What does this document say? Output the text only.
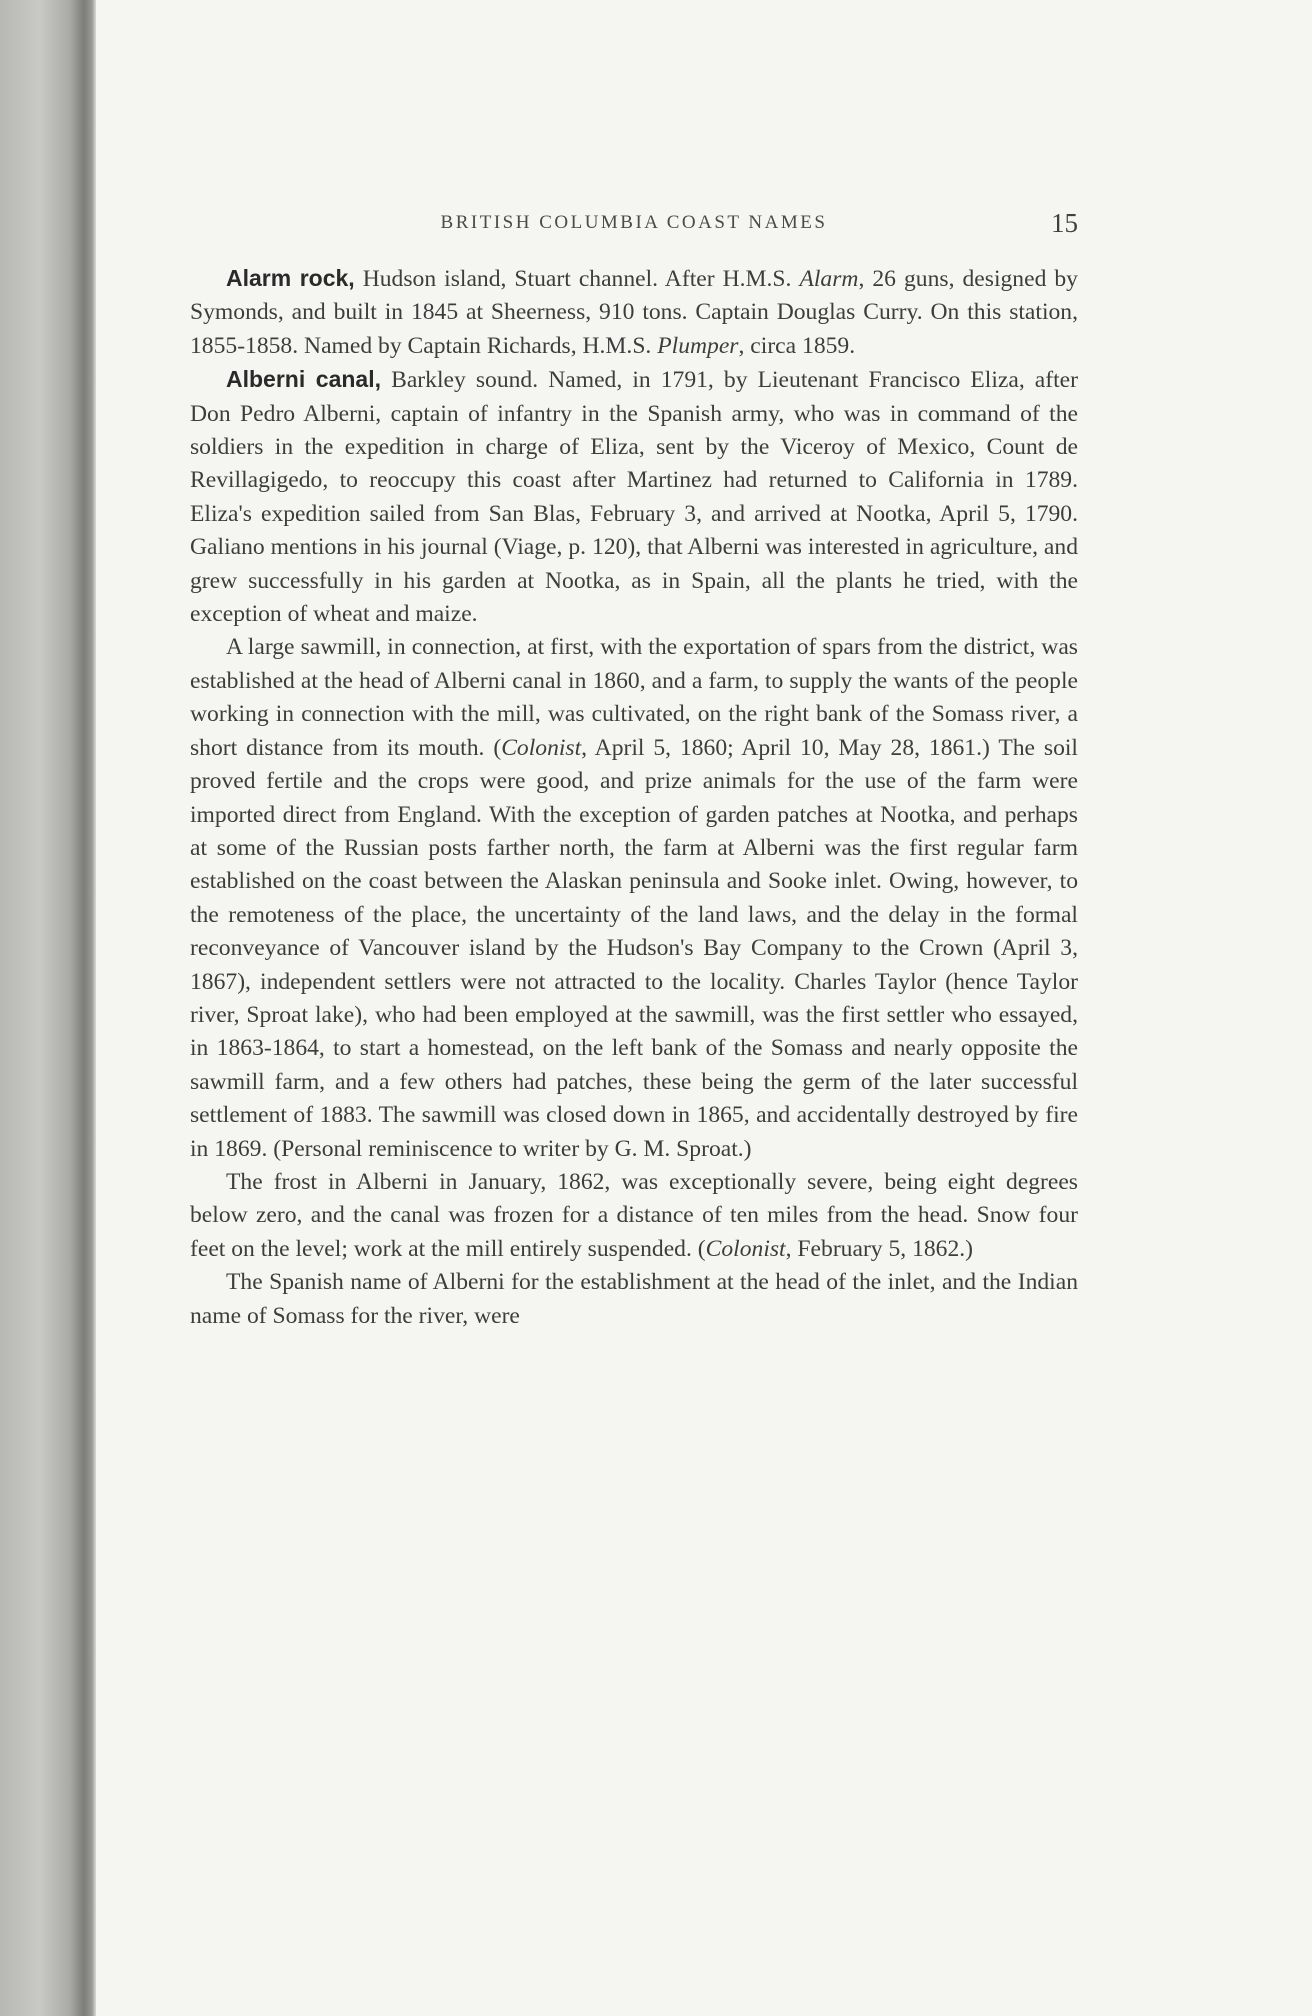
BRITISH COLUMBIA COAST NAMES	15

Alarm rock, Hudson island, Stuart channel. After H.M.S. Alarm, 26 guns, designed by Symonds, and built in 1845 at Sheerness, 910 tons. Captain Douglas Curry. On this station, 1855-1858. Named by Captain Richards, H.M.S. Plumper, circa 1859.

Alberni canal, Barkley sound. Named, in 1791, by Lieutenant Francisco Eliza, after Don Pedro Alberni, captain of infantry in the Spanish army, who was in command of the soldiers in the expedition in charge of Eliza, sent by the Viceroy of Mexico, Count de Revillagigedo, to reoccupy this coast after Martinez had returned to California in 1789. Eliza's expedition sailed from San Blas, February 3, and arrived at Nootka, April 5, 1790. Galiano mentions in his journal (Viage, p. 120), that Alberni was interested in agriculture, and grew successfully in his garden at Nootka, as in Spain, all the plants he tried, with the exception of wheat and maize.

A large sawmill, in connection, at first, with the exportation of spars from the district, was established at the head of Alberni canal in 1860, and a farm, to supply the wants of the people working in connection with the mill, was cultivated, on the right bank of the Somass river, a short distance from its mouth. (Colonist, April 5, 1860; April 10, May 28, 1861.) The soil proved fertile and the crops were good, and prize animals for the use of the farm were imported direct from England. With the exception of garden patches at Nootka, and perhaps at some of the Russian posts farther north, the farm at Alberni was the first regular farm established on the coast between the Alaskan peninsula and Sooke inlet. Owing, however, to the remoteness of the place, the uncertainty of the land laws, and the delay in the formal reconveyance of Vancouver island by the Hudson's Bay Company to the Crown (April 3, 1867), independent settlers were not attracted to the locality. Charles Taylor (hence Taylor river, Sproat lake), who had been employed at the sawmill, was the first settler who essayed, in 1863-1864, to start a homestead, on the left bank of the Somass and nearly opposite the sawmill farm, and a few others had patches, these being the germ of the later successful settlement of 1883. The sawmill was closed down in 1865, and accidentally destroyed by fire in 1869. (Personal reminiscence to writer by G. M. Sproat.)

The frost in Alberni in January, 1862, was exceptionally severe, being eight degrees below zero, and the canal was frozen for a distance of ten miles from the head. Snow four feet on the level; work at the mill entirely suspended. (Colonist, February 5, 1862.)

The Spanish name of Alberni for the establishment at the head of the inlet, and the Indian name of Somass for the river, were
